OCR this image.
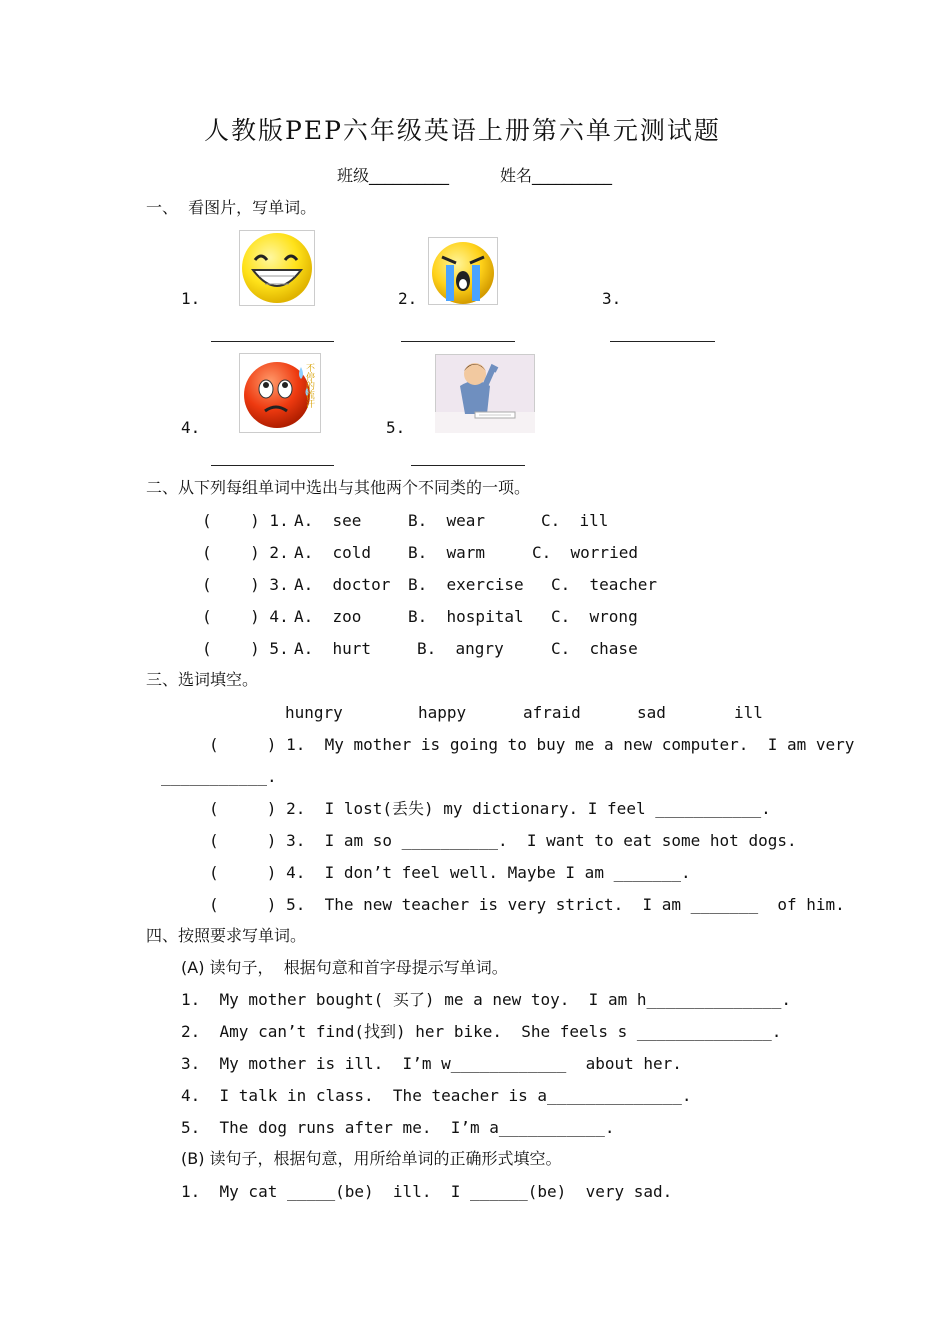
人教版PEP六年级英语上册第六单元测试题
班级__________	姓名__________
一、  看图片，写单词。
1.	2.	3.
不停的流汗
4.	5.
二、从下列每组单词中选出与其他两个不同类的一项。
(    ) 1. A.  see	B.  wear	C.  ill
(    ) 2. A.  cold B.  warm	C.  worried
(    ) 3. A.  doctor B.  exercise C.  teacher
(    ) 4. A.  zoo	B.  hospital C.  wrong
(    ) 5. A.  hurt	B.  angry	C.  chase
三、选词填空。
hungry	happy	afraid	sad	ill
(     ) 1.  My mother is going to buy me a new computer.  I am very
___________.
(     ) 2.  I lost(丢失) my dictionary. I feel ___________.
(     ) 3.  I am so __________.  I want to eat some hot dogs.
(     ) 4.  I don’t feel well. Maybe I am _______.
(     ) 5.  The new teacher is very strict.  I am _______  of him.
四、按照要求写单词。
(A) 读句子，  根据句意和首字母提示写单词。
1.  My mother bought( 买了) me a new toy.  I am h______________.
2.  Amy can’t find(找到) her bike.  She feels s ______________.
3.  My mother is ill.  I’m w____________  about her.
4.  I talk in class.  The teacher is a______________.
5.  The dog runs after me.  I’m a___________.
(B) 读句子，根据句意，用所给单词的正确形式填空。
1.  My cat _____(be)  ill.  I ______(be)  very sad.
